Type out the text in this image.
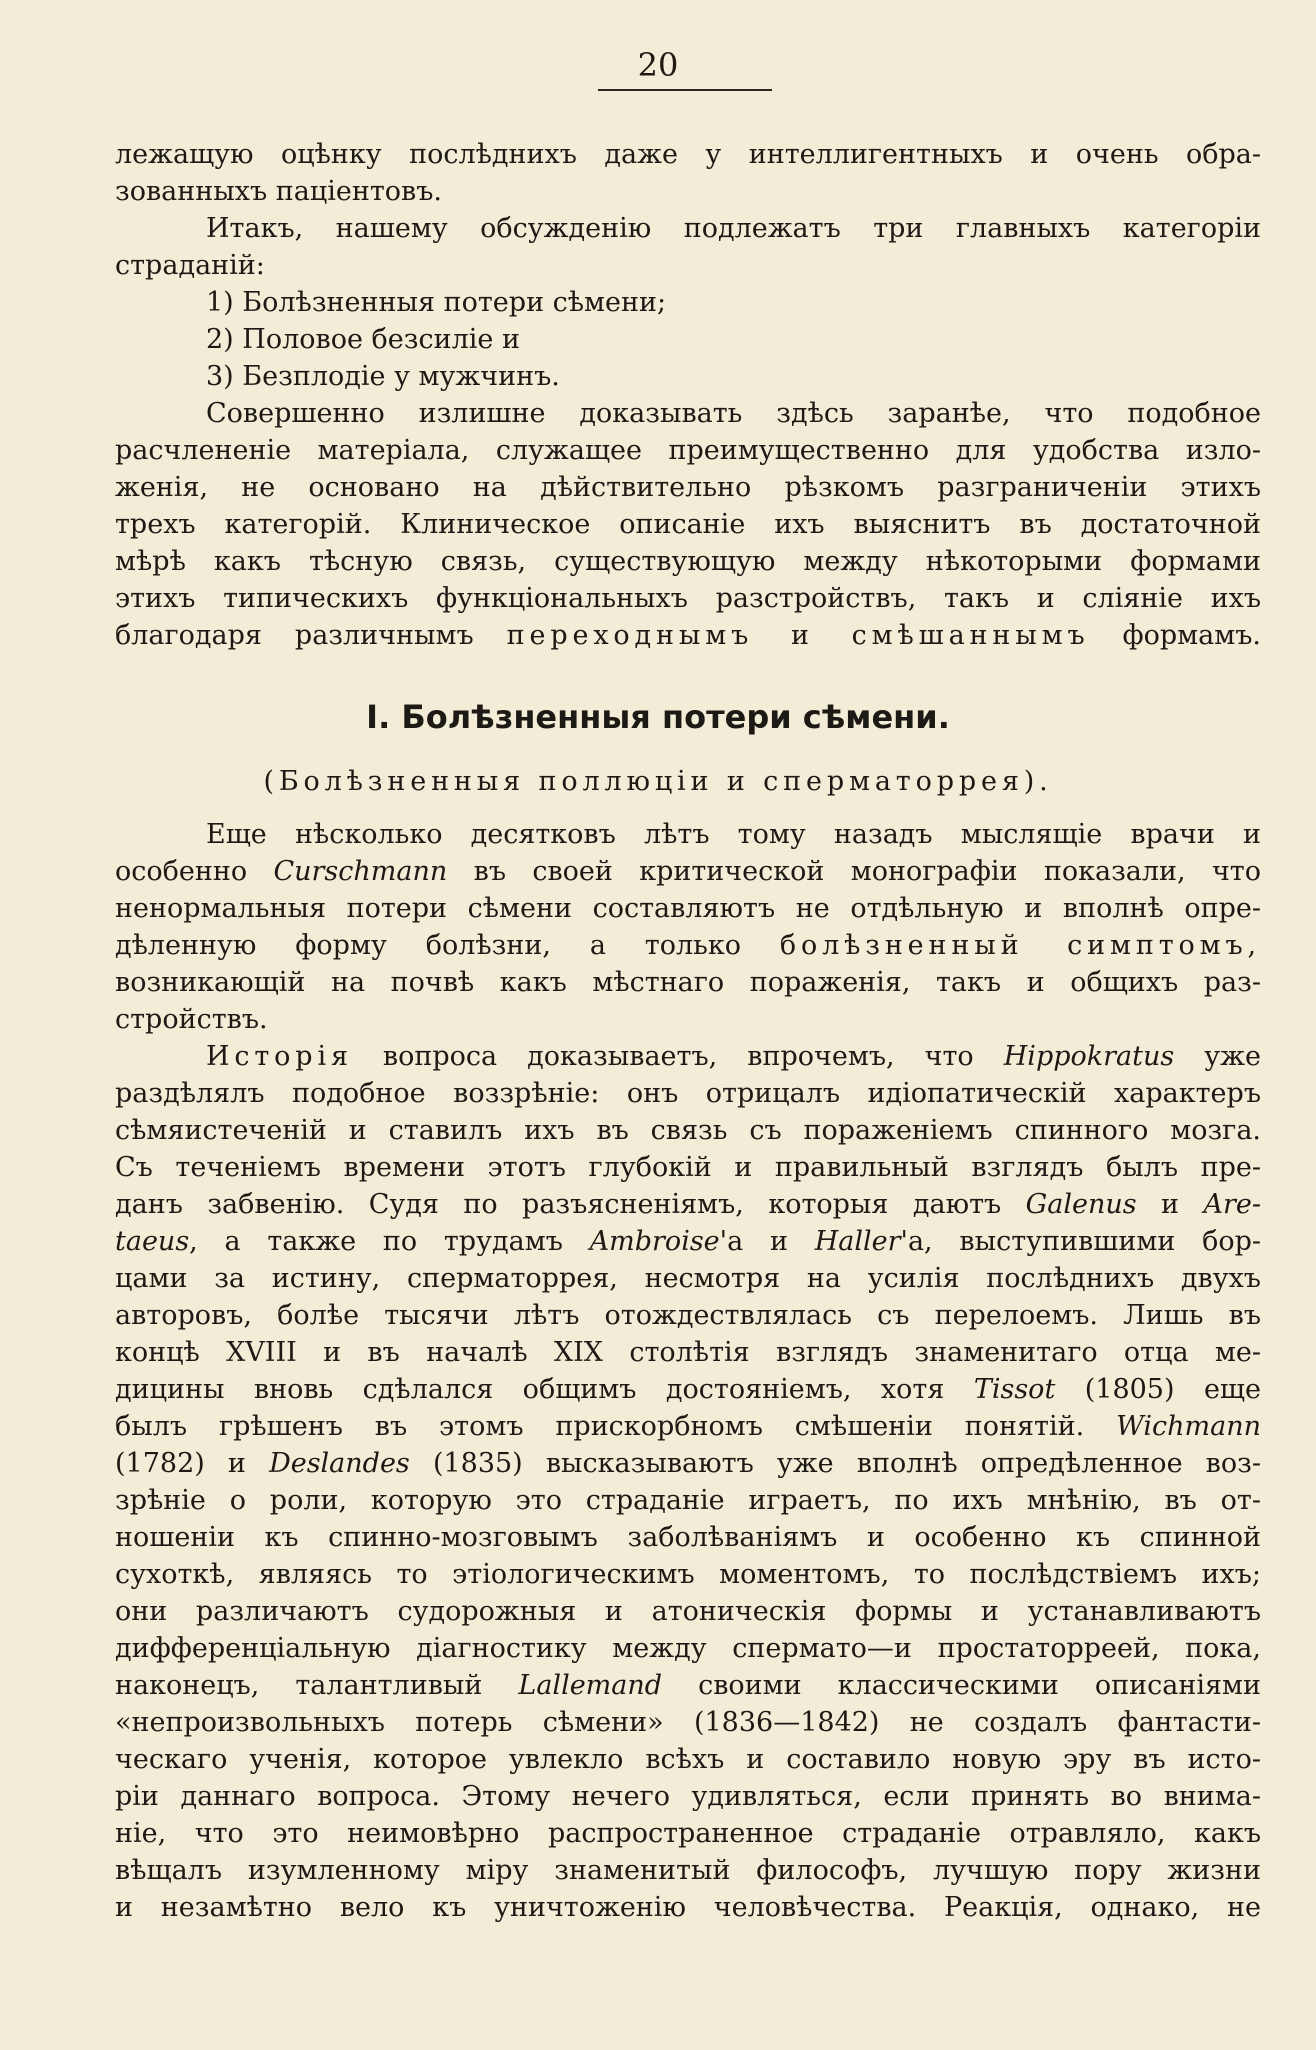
20
лежащую оцѣнку послѣднихъ даже у интеллигентныхъ и очень обра-
зованныхъ пацiентовъ.
Итакъ, нашему обсужденiю подлежатъ три главныхъ категорiи
страданiй:
1) Болѣзненныя потери сѣмени;
2) Половое безсилiе и
3) Безплодiе у мужчинъ.
Совершенно излишне доказывать здѣсь заранѣе, что подобное
расчлененiе матерiала, служащее преимущественно для удобства изло-
женiя, не основано на дѣйствительно рѣзкомъ разграниченiи этихъ
трехъ категорiй. Клиническое описанiе ихъ выяснитъ въ достаточной
мѣрѣ какъ тѣсную связь, существующую между нѣкоторыми формами
этихъ типическихъ функцiональныхъ разстройствъ, такъ и слiянiе ихъ
благодаря различнымъ переходнымъ и смѣшаннымъ формамъ.
I. Болѣзненныя потери сѣмени.
(Болѣзненныя поллюцiи и сперматоррея).
Еще нѣсколько десятковъ лѣтъ тому назадъ мыслящiе врачи и
особенно Curschmann въ своей критической монографiи показали, что
ненормальныя потери сѣмени составляютъ не отдѣльную и вполнѣ опре-
дѣленную форму болѣзни, а только болѣзненный симптомъ,
возникающiй на почвѣ какъ мѣстнаго пораженiя, такъ и общихъ раз-
стройствъ.
Исторiя вопроса доказываетъ, впрочемъ, что Hippokratus уже
раздѣлялъ подобное воззрѣнiе: онъ отрицалъ идiопатическiй характеръ
сѣмяистеченiй и ставилъ ихъ въ связь съ пораженiемъ спинного мозга.
Съ теченiемъ времени этотъ глубокiй и правильный взглядъ былъ пре-
данъ забвенiю. Судя по разъясненiямъ, которыя даютъ Galenus и Are-
taeus, а также по трудамъ Ambroise'а и Haller'а, выступившими бор-
цами за истину, сперматоррея, несмотря на усилiя послѣднихъ двухъ
авторовъ, болѣе тысячи лѣтъ отождествлялась съ перелоемъ. Лишь въ
концѣ XVIII и въ началѣ XIX столѣтiя взглядъ знаменитаго отца ме-
дицины вновь сдѣлался общимъ достоянiемъ, хотя Tissot (1805) еще
былъ грѣшенъ въ этомъ прискорбномъ смѣшенiи понятiй. Wichmann
(1782) и Deslandes (1835) высказываютъ уже вполнѣ опредѣленное воз-
зрѣнiе о роли, которую это страданiе играетъ, по ихъ мнѣнiю, въ от-
ношенiи къ спинно-мозговымъ заболѣванiямъ и особенно къ спинной
сухоткѣ, являясь то этiологическимъ моментомъ, то послѣдствiемъ ихъ;
они различаютъ судорожныя и атоническiя формы и устанавливаютъ
дифференцiальную дiагностику между спермато—и простаторреей, пока,
наконецъ, талантливый Lallemand своими классическими описанiями
«непроизвольныхъ потерь сѣмени» (1836—1842) не создалъ фантасти-
ческаго ученiя, которое увлекло всѣхъ и составило новую эру въ исто-
рiи даннаго вопроса. Этому нечего удивляться, если принять во внима-
нiе, что это неимовѣрно распространенное страданiе отравляло, какъ
вѣщалъ изумленному мiру знаменитый философъ, лучшую пору жизни
и незамѣтно вело къ уничтоженiю человѣчества. Реакцiя, однако, не
